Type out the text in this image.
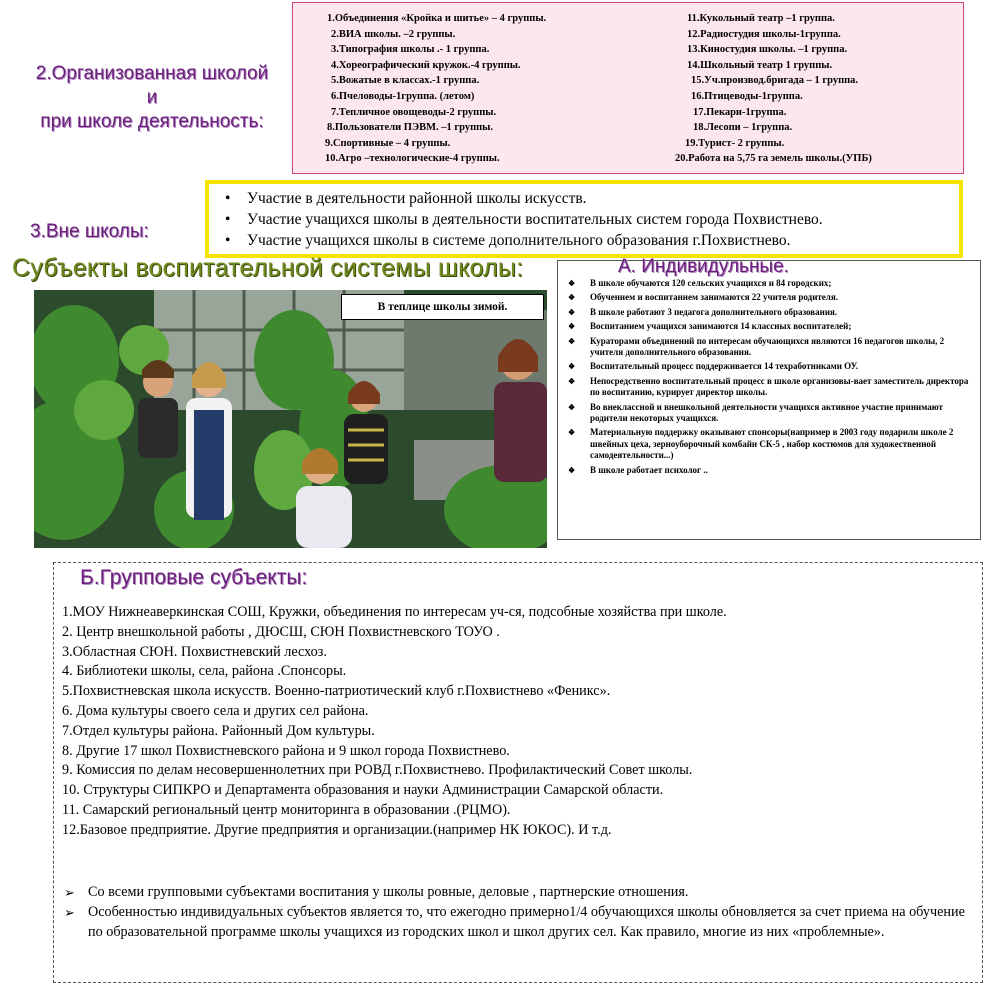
2.Организованная школой и
при школе деятельность:
1.Объединения «Кройка и шитье» – 4 группы.
2.ВИА школы. –2 группы.
3.Типография школы .- 1 группа.
4.Хореографический кружок.-4 группы.
5.Вожатые в классах.-1 группа.
6.Пчеловоды-1группа. (летом)
7.Тепличное овощеводы-2 группы.
8.Пользователи ПЭВМ. –1 группы.
9.Спортивные – 4 группы.
10.Агро –технологические-4 группы.
11.Кукольный театр –1 группа.
12.Радиостудия школы-1группа.
13.Киностудия школы. –1 группа.
14.Школьный театр 1 группы.
15.Уч.производ.бригада – 1 группа.
16.Птицеводы-1группа.
17.Пекари-1группа.
18.Лесопи – 1группа.
19.Турист- 2 группы.
20.Работа на 5,75 га земель школы.(УПБ)
3.Вне школы:
• Участие в деятельности районной школы искусств.
• Участие учащихся школы в деятельности воспитательных систем города Похвистнево.
• Участие учащихся школы в системе дополнительного образования г.Похвистнево.
Субъекты воспитательной системы школы:
В теплице школы зимой.
А. Индивидульные.
❖ В школе обучаются 120 сельских учащихся и 84 городских;
❖ Обучением и воспитанием занимаются 22 учителя родителя.
❖ В школе работают 3 педагога дополнительного образования.
❖ Воспитанием учащихся занимаются 14 классных воспитателей;
❖ Кураторами объединений по интересам обучающихся являются 16 педагогов школы, 2 учителя дополнительного образования.
❖ Воспитательный процесс поддерживается 14 техработниками ОУ.
❖ Непосредственно воспитательный процесс в школе организовы-вает заместитель директора по воспитанию, курирует директор школы.
❖ Во внеклассной и внешкольной деятельности учащихся активное участие принимают родители некоторых учащихся.
❖ Материальную поддержку оказывают спонсоры(например в 2003 году подарили школе 2 швейных цеха, зерноуборочный комбайн СК-5 , набор костюмов для художественной самодеятельности...)
❖ В школе работает психолог ..
Б.Групповые субъекты:
1.МОУ Нижнеаверкинская СОШ, Кружки, объединения по интересам уч-ся, подсобные хозяйства при школе.
2. Центр внешкольной работы , ДЮСШ, СЮН Похвистневского ТОУО .
3.Областная СЮН. Похвистневский лесхоз.
4. Библиотеки школы, села, района .Спонсоры.
5.Похвистневская школа искусств. Военно-патриотический клуб г.Похвистнево «Феникс».
6. Дома культуры своего села и других сел района.
7.Отдел культуры района. Районный Дом культуры.
8. Другие 17 школ Похвистневского района и 9 школ города Похвистнево.
9. Комиссия по делам несовершеннолетних при РОВД г.Похвистнево. Профилактический Совет школы.
10. Структуры СИПКРО и Департамента образования и науки Администрации Самарской области.
11. Самарский региональный центр мониторинга в образовании .(РЦМО).
12.Базовое предприятие. Другие предприятия и организации.(например НК ЮКОС). И т.д.
➢ Со всеми групповыми субъектами воспитания у школы ровные, деловые , партнерские отношения.
➢ Особенностью индивидуальных субъектов является то, что ежегодно примерно1/4 обучающихся школы обновляется за счет приема на обучение по образовательной программе школы учащихся из городских школ и школ других сел. Как правило, многие из них «проблемные».
